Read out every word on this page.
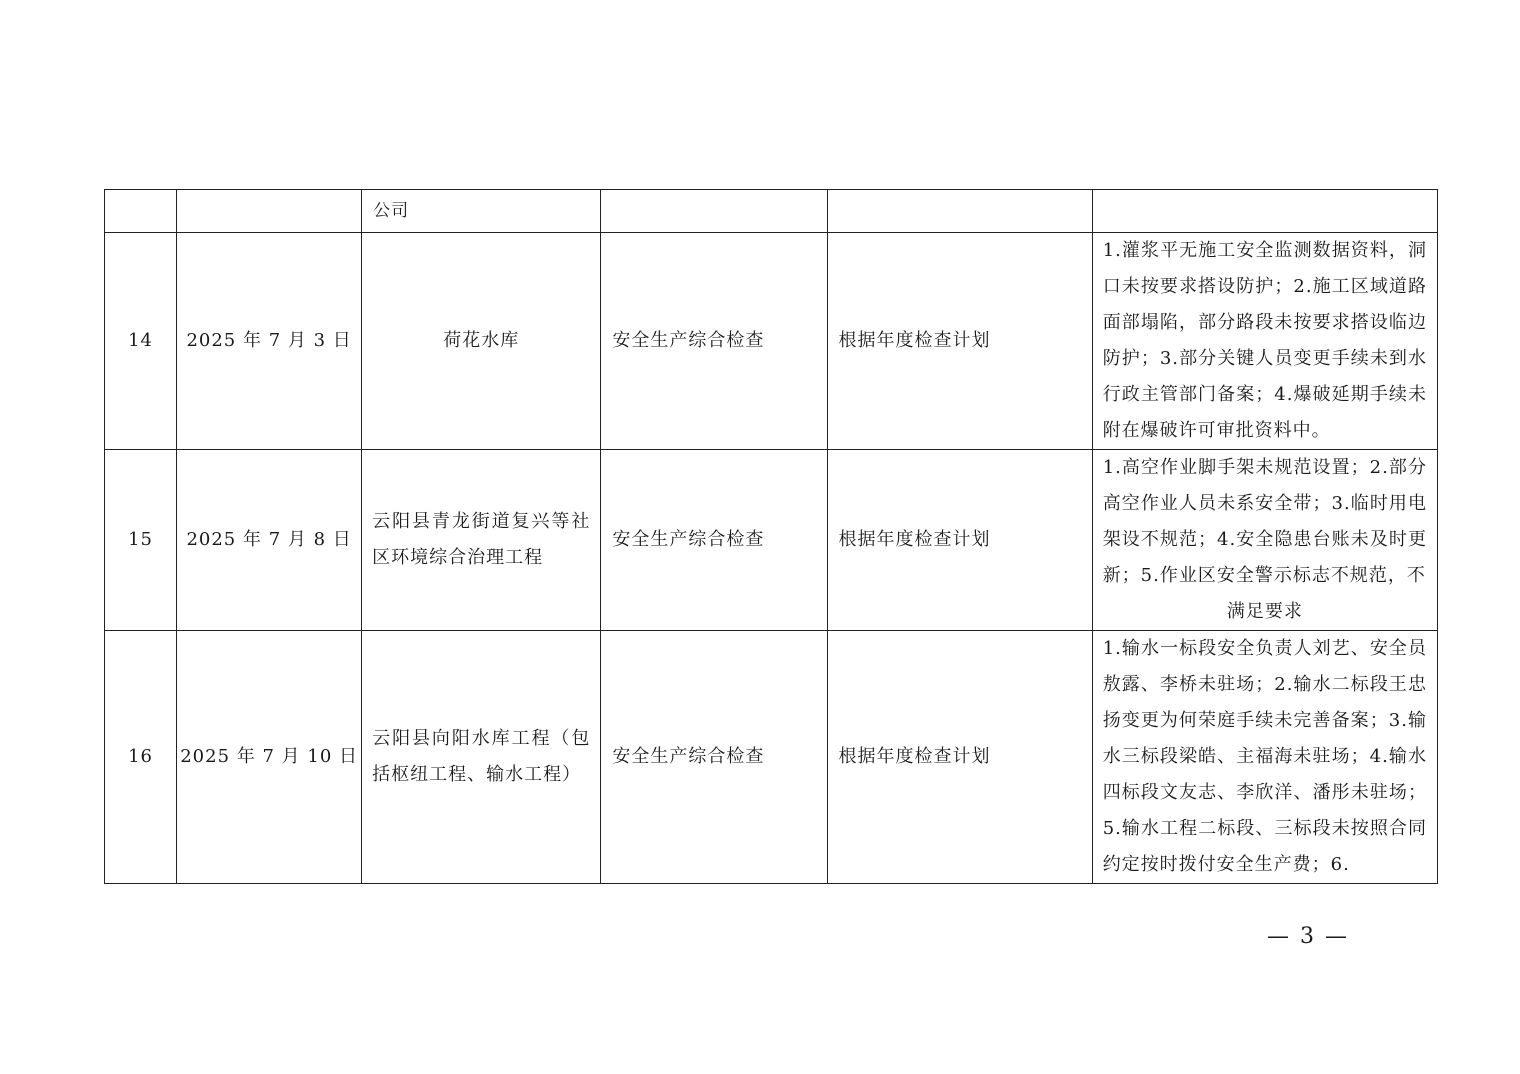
		公司			

14	2025 年 7 月 3 日	荷花水库	安全生产综合检查	根据年度检查计划	1.灌浆平无施工安全监测数据资料，洞口未按要求搭设防护；2.施工区域道路面部塌陷，部分路段未按要求搭设临边防护；3.部分关键人员变更手续未到水行政主管部门备案；4.爆破延期手续未附在爆破许可审批资料中。
15	2025 年 7 月 8 日	云阳县青龙街道复兴等社区环境综合治理工程	安全生产综合检查	根据年度检查计划	1.高空作业脚手架未规范设置；2.部分高空作业人员未系安全带；3.临时用电架设不规范；4.安全隐患台账未及时更新；5.作业区安全警示标志不规范，不
满足要求

16	2025 年 7 月 10 日	云阳县向阳水库工程（包括枢纽工程、输水工程）	安全生产综合检查	根据年度检查计划	1.输水一标段安全负责人刘艺、安全员敖露、李桥未驻场；2.输水二标段王忠扬变更为何荣庭手续未完善备案；3.输水三标段梁皓、主福海未驻场；4.输水四标段文友志、李欣洋、潘彤未驻场；5.输水工程二标段、三标段未按照合同约定按时拨付安全生产费；6.
— 3 —
